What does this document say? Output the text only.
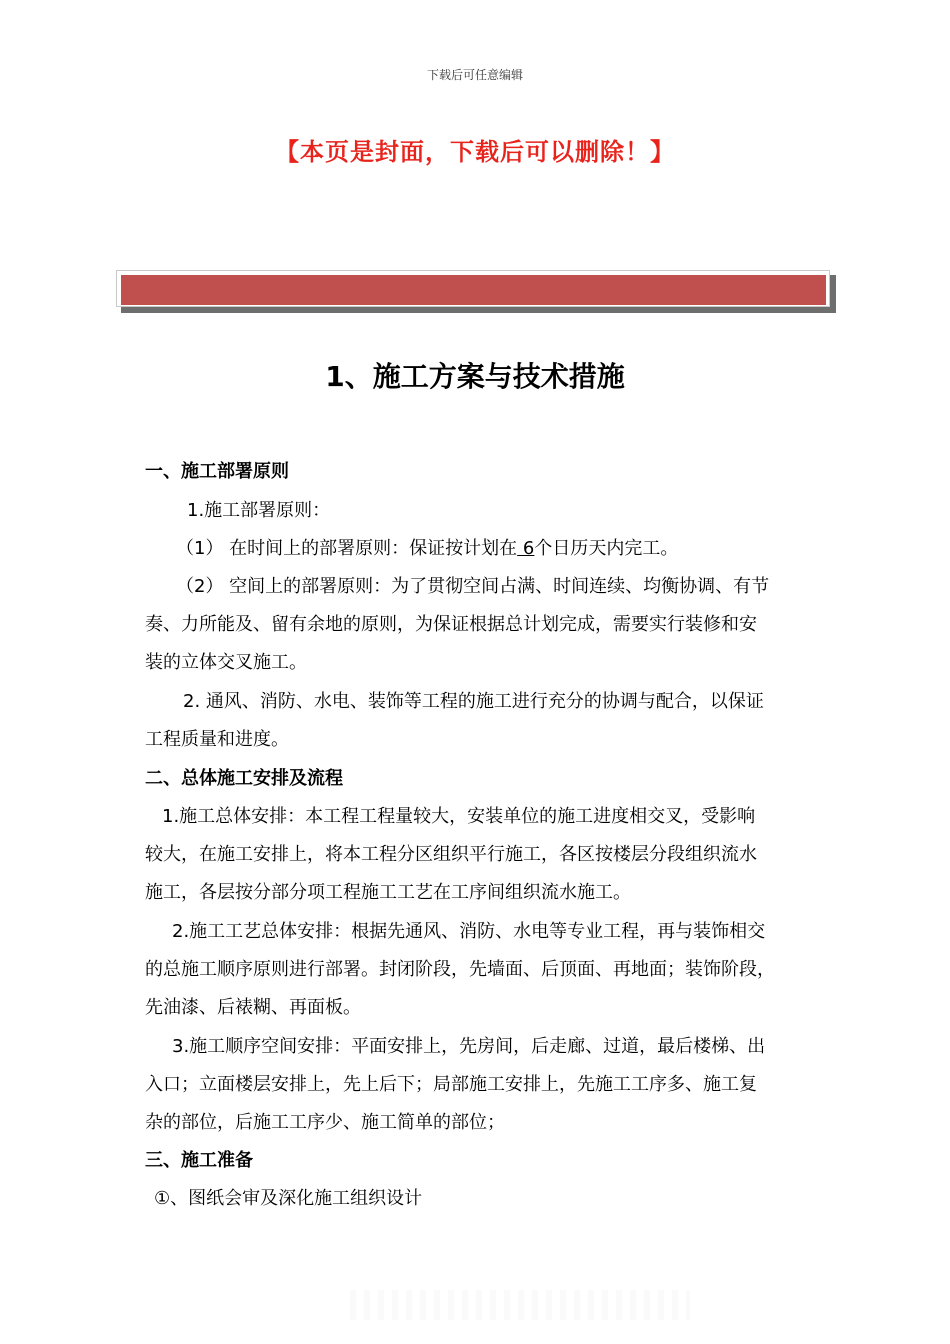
下载后可任意编辑
【本页是封面，下载后可以删除！】
1、施工方案与技术措施
一、施工部署原则
1.施工部署原则：
（1） 在时间上的部署原则：保证按计划在 6个日历天内完工。
（2） 空间上的部署原则：为了贯彻空间占满、时间连续、均衡协调、有节
奏、力所能及、留有余地的原则，为保证根据总计划完成，需要实行装修和安
装的立体交叉施工。
2. 通风、消防、水电、装饰等工程的施工进行充分的协调与配合，以保证
工程质量和进度。
二、总体施工安排及流程
1.施工总体安排：本工程工程量较大，安装单位的施工进度相交叉，受影响
较大，在施工安排上，将本工程分区组织平行施工，各区按楼层分段组织流水
施工，各层按分部分项工程施工工艺在工序间组织流水施工。
2.施工工艺总体安排：根据先通风、消防、水电等专业工程，再与装饰相交
的总施工顺序原则进行部署。封闭阶段，先墙面、后顶面、再地面；装饰阶段，
先油漆、后裱糊、再面板。
3.施工顺序空间安排：平面安排上，先房间，后走廊、过道，最后楼梯、出
入口；立面楼层安排上，先上后下；局部施工安排上，先施工工序多、施工复
杂的部位，后施工工序少、施工简单的部位；
三、施工准备
①、图纸会审及深化施工组织设计
